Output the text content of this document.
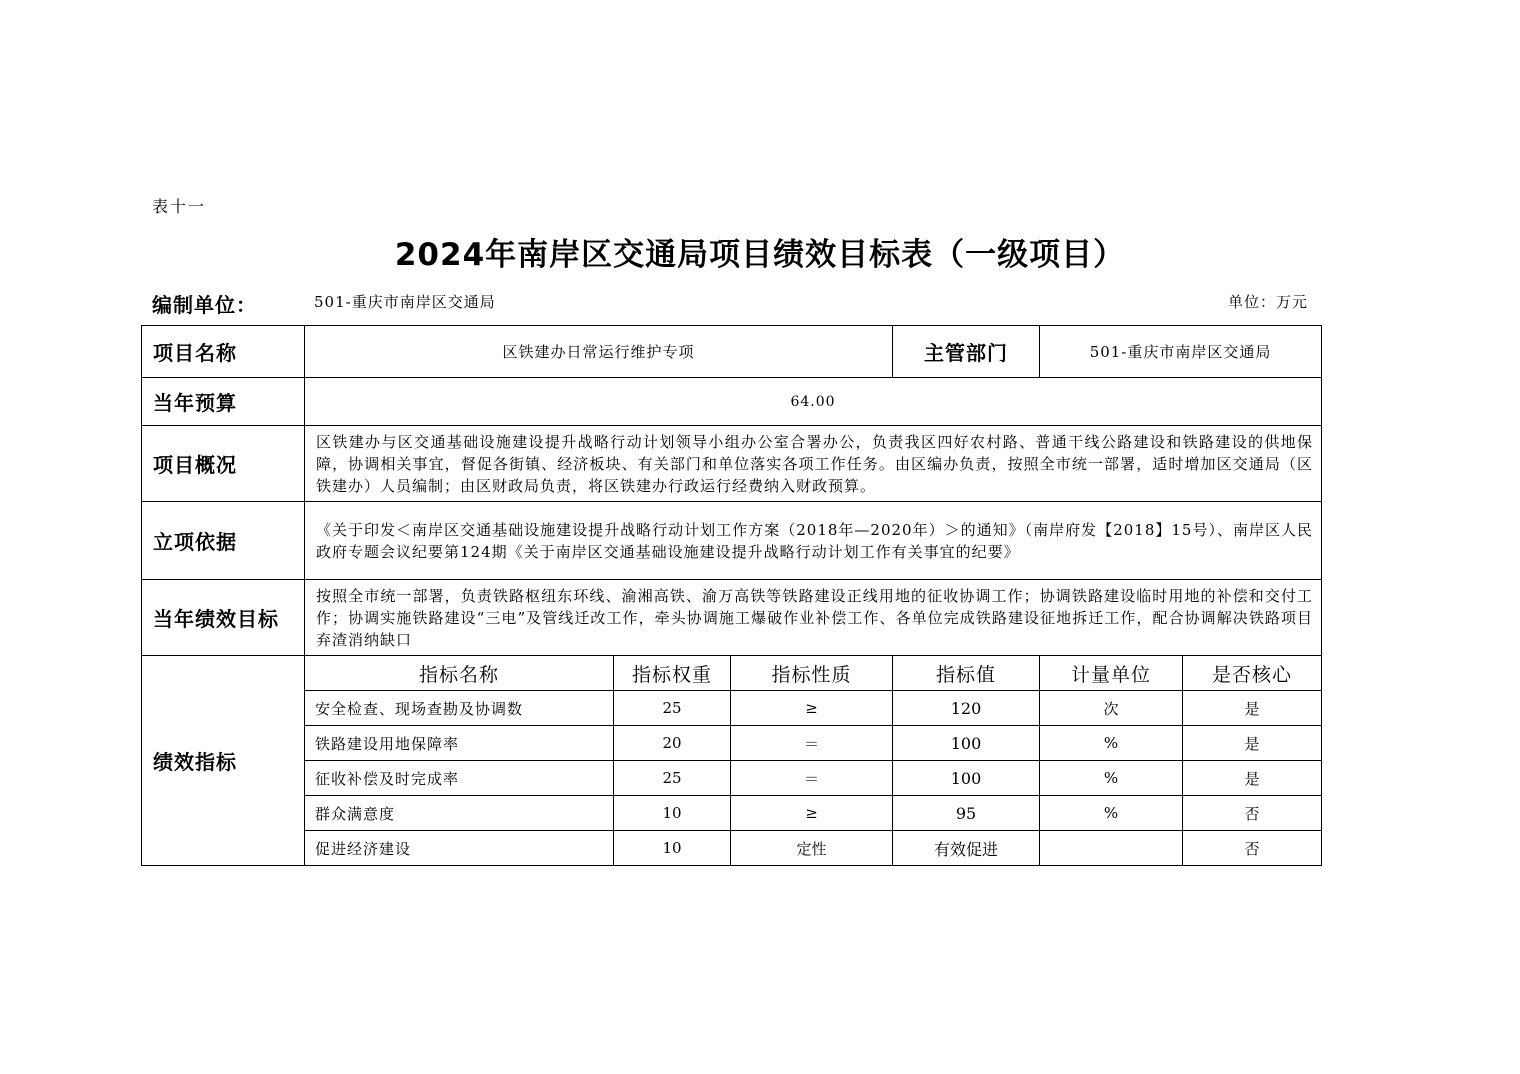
表十一
2024年南岸区交通局项目绩效目标表（一级项目）
编制单位：	501-重庆市南岸区交通局	单位：万元
项目名称	区铁建办日常运行维护专项			主管部门	501-重庆市南岸区交通局	
当年预算	64.00					
项目概况	区铁建办与区交通基础设施建设提升战略行动计划领导小组办公室合署办公，负责我区四好农村路、普通干线公路建设和铁路建设的供地保障，协调相关事宜，督促各街镇、经济板块、有关部门和单位落实各项工作任务。由区编办负责，按照全市统一部署，适时增加区交通局（区铁建办）人员编制；由区财政局负责，将区铁建办行政运行经费纳入财政预算。					
立项依据	《关于印发＜南岸区交通基础设施建设提升战略行动计划工作方案（2018年—2020年）＞的通知》（南岸府发【2018】15号）、南岸区人民政府专题会议纪要第124期《关于南岸区交通基础设施建设提升战略行动计划工作有关事宜的纪要》					
当年绩效目标	按照全市统一部署，负责铁路枢纽东环线、渝湘高铁、渝万高铁等铁路建设正线用地的征收协调工作；协调铁路建设临时用地的补偿和交付工作；协调实施铁路建设“三电”及管线迁改工作，牵头协调施工爆破作业补偿工作、各单位完成铁路建设征地拆迁工作，配合协调解决铁路项目弃渣消纳缺口					
绩效指标	指标名称	指标权重	指标性质	指标值	计量单位	是否核心
	安全检查、现场查勘及协调数	25	≥	120	次	是
	铁路建设用地保障率	20	＝	100	%	是
	征收补偿及时完成率	25	＝	100	%	是
	群众满意度	10	≥	95	%	否
	促进经济建设	10	定性	有效促进		否
